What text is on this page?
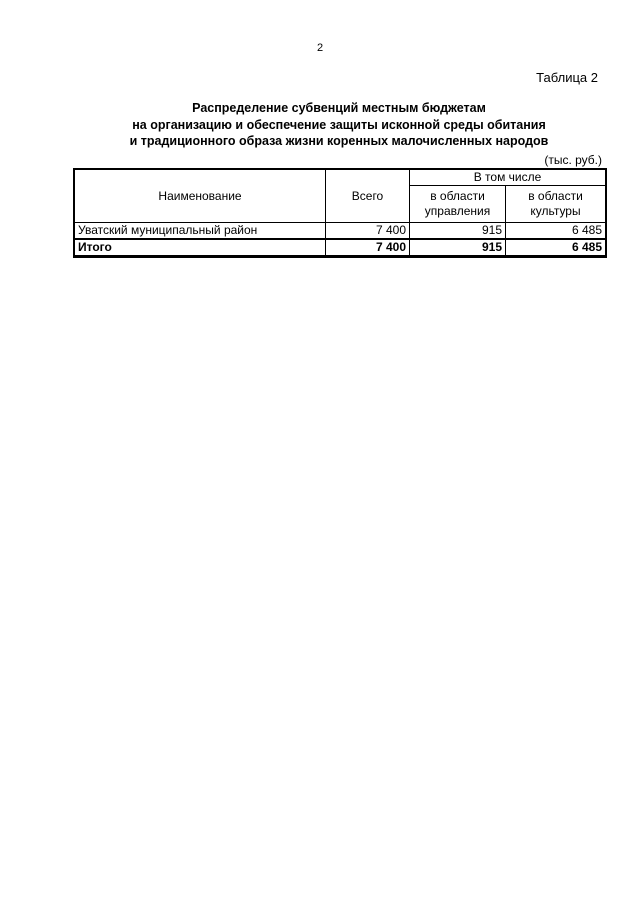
2
Таблица 2
Распределение субвенций местным бюджетам
на организацию и обеспечение защиты исконной среды обитания
и традиционного образа жизни коренных малочисленных народов
(тыс. руб.)
Наименование	Всего	В том числе	
		в области управления	в области культуры
Уватский муниципальный район	7 400	915	6 485
Итого	7 400	915	6 485
